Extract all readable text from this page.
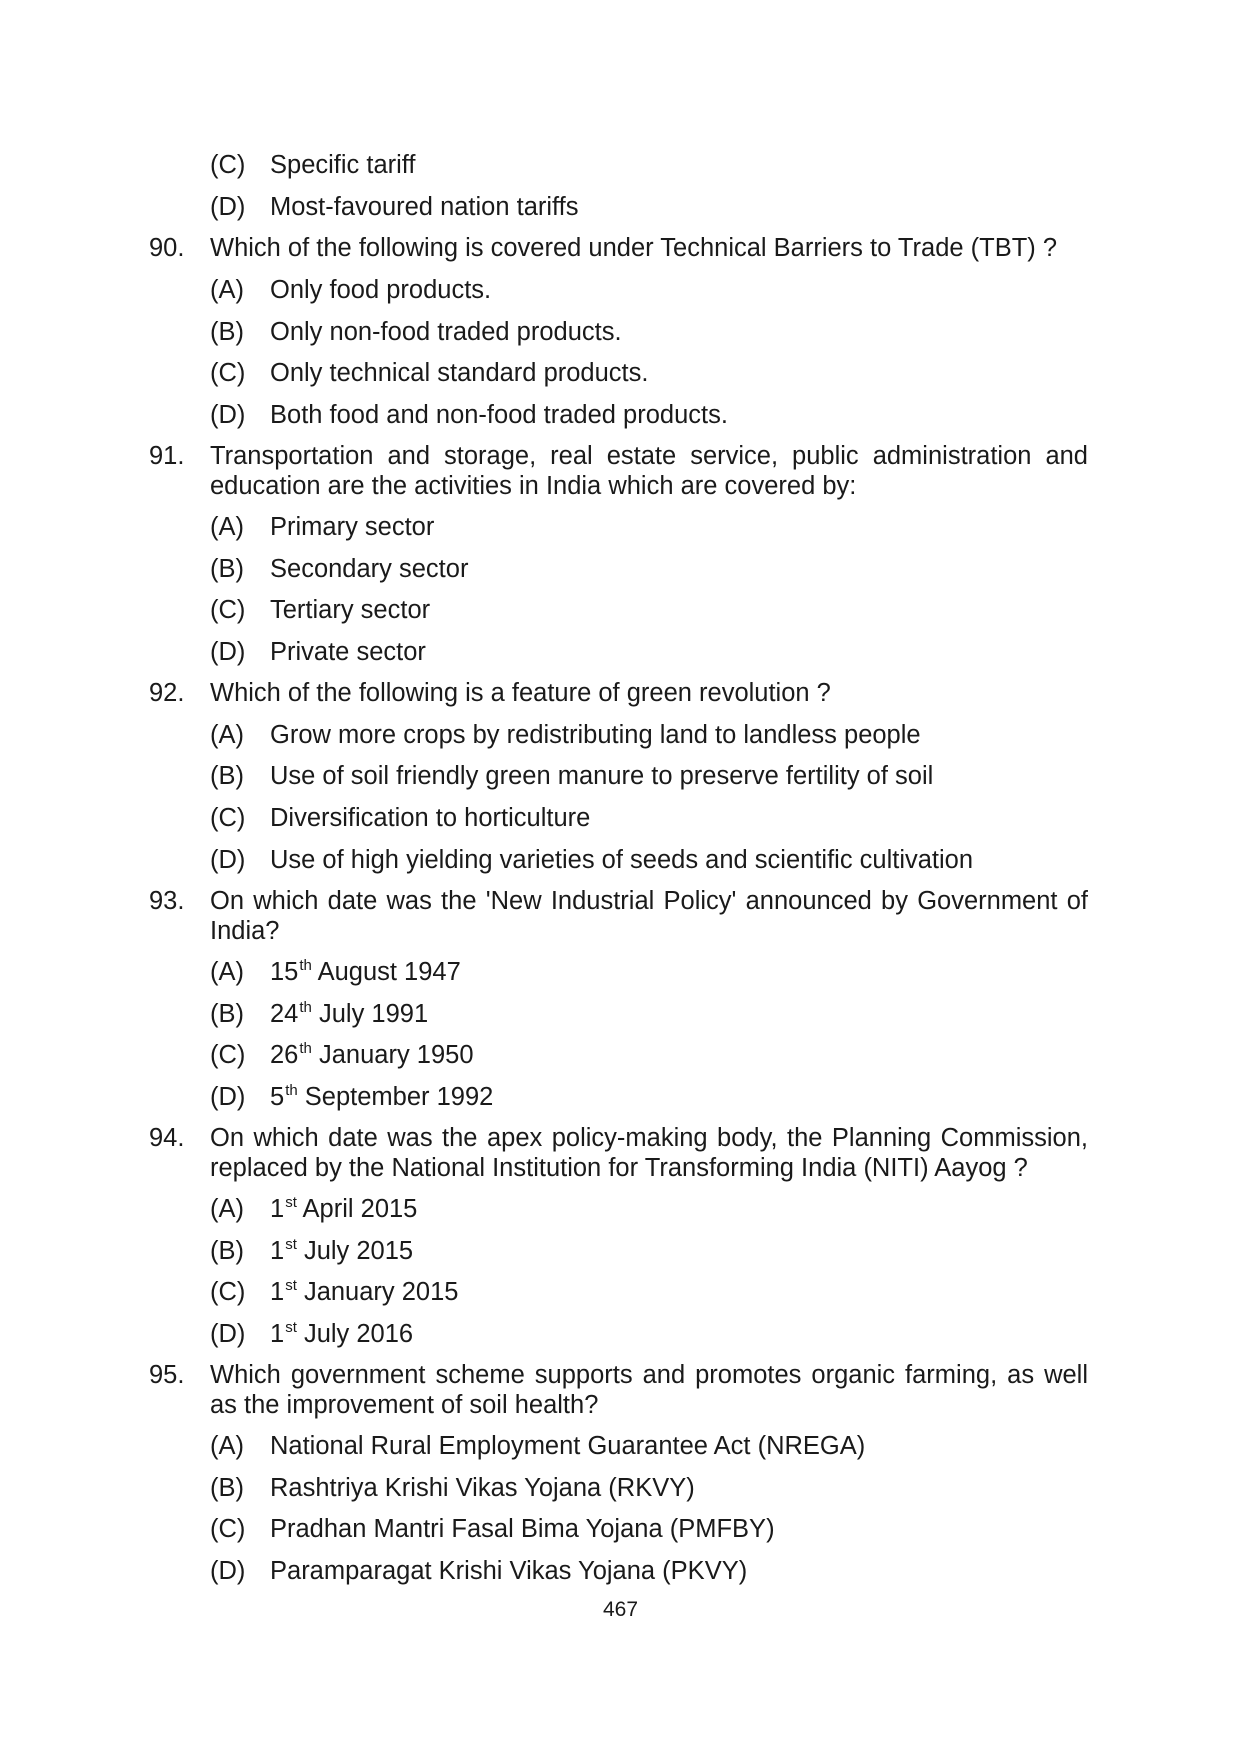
(C) Specific tariff
(D) Most-favoured nation tariffs
90. Which of the following is covered under Technical Barriers to Trade (TBT) ?
(A) Only food products.
(B) Only non-food traded products.
(C) Only technical standard products.
(D) Both food and non-food traded products.
91. Transportation and storage, real estate service, public administration and education are the activities in India which are covered by:
(A) Primary sector
(B) Secondary sector
(C) Tertiary sector
(D) Private sector
92. Which of the following is a feature of green revolution ?
(A) Grow more crops by redistributing land to landless people
(B) Use of soil friendly green manure to preserve fertility of soil
(C) Diversification to horticulture
(D) Use of high yielding varieties of seeds and scientific cultivation
93. On which date was the 'New Industrial Policy' announced by Government of India?
(A) 15th August 1947
(B) 24th July 1991
(C) 26th January 1950
(D) 5th September 1992
94. On which date was the apex policy-making body, the Planning Commission, replaced by the National Institution for Transforming India (NITI) Aayog ?
(A) 1st April 2015
(B) 1st July 2015
(C) 1st January 2015
(D) 1st July 2016
95. Which government scheme supports and promotes organic farming, as well as the improvement of soil health?
(A) National Rural Employment Guarantee Act (NREGA)
(B) Rashtriya Krishi Vikas Yojana (RKVY)
(C) Pradhan Mantri Fasal Bima Yojana (PMFBY)
(D) Paramparagat Krishi Vikas Yojana (PKVY)
467
